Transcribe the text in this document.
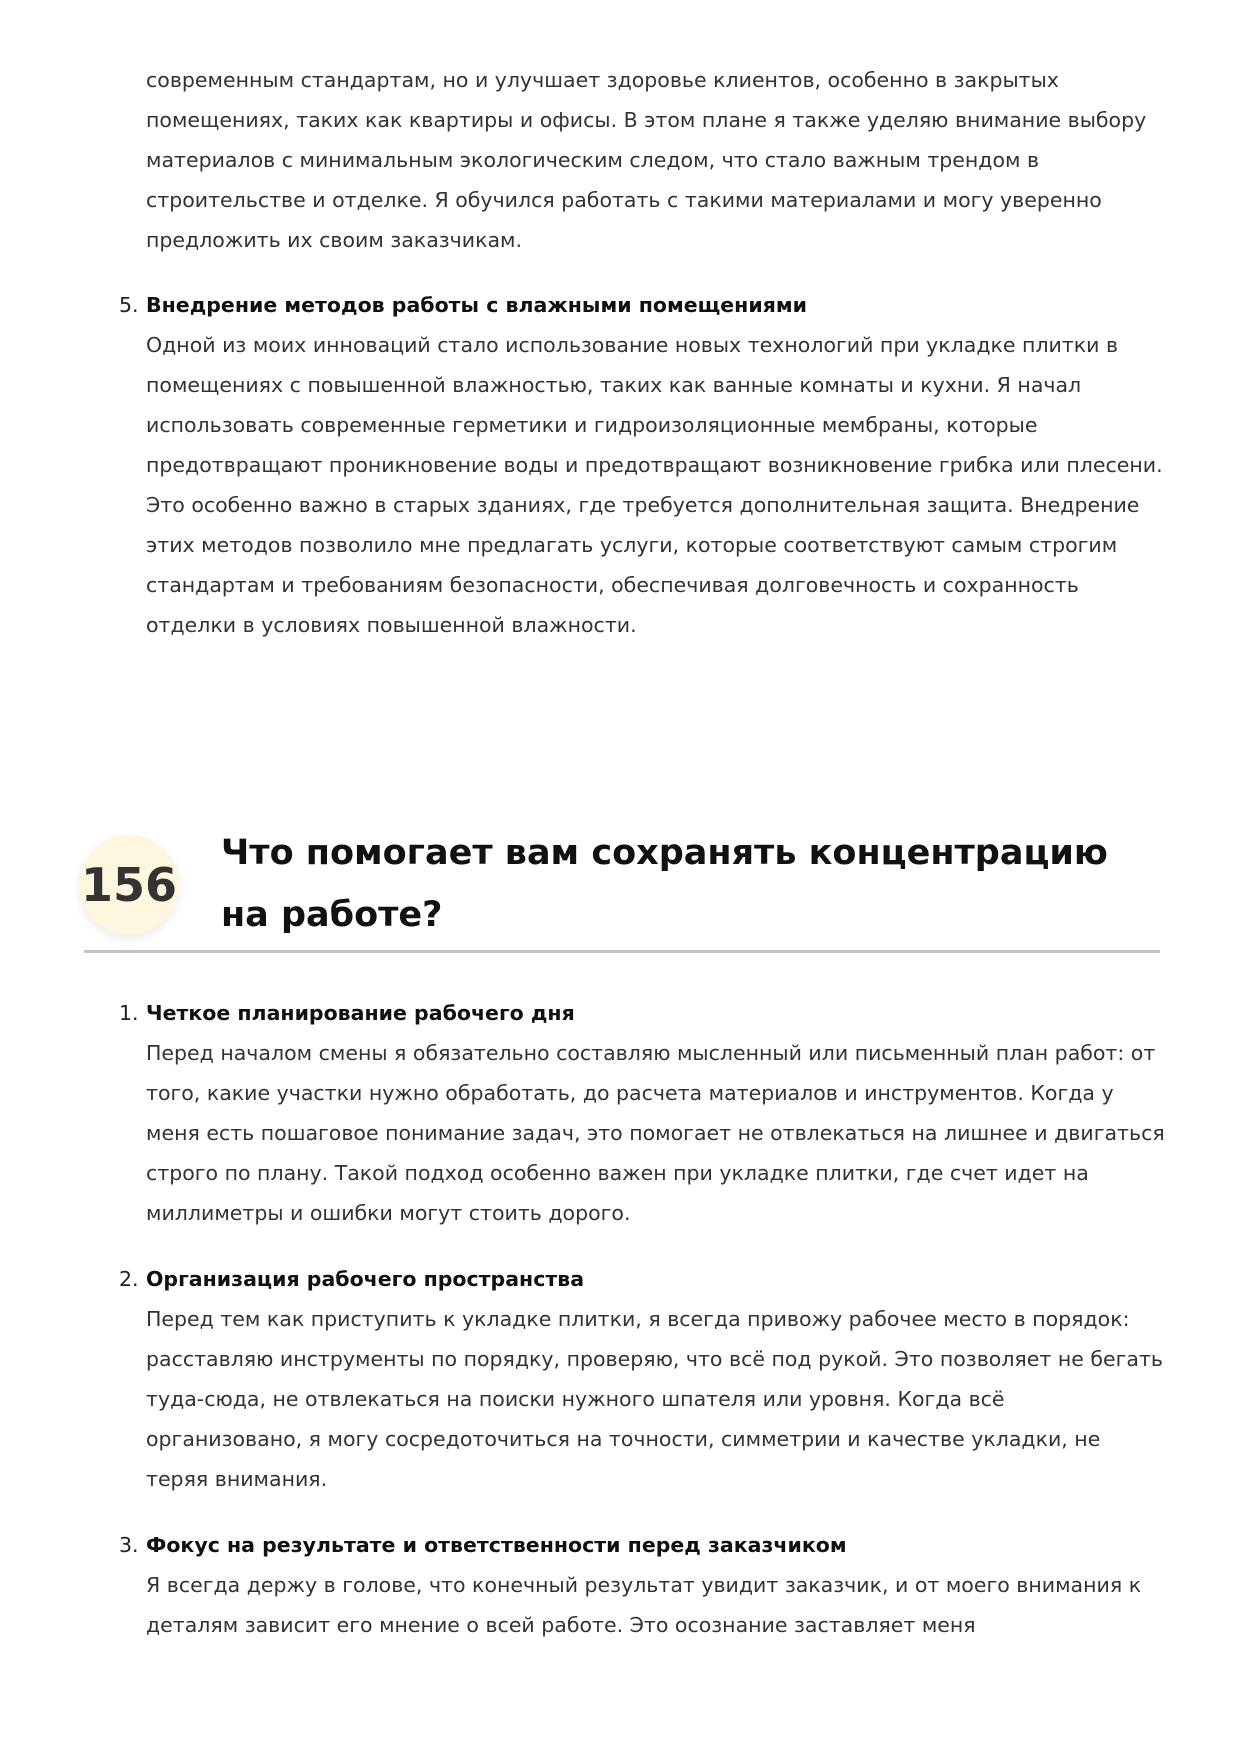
современным стандартам, но и улучшает здоровье клиентов, особенно в закрытых помещениях, таких как квартиры и офисы. В этом плане я также уделяю внимание выбору материалов с минимальным экологическим следом, что стало важным трендом в строительстве и отделке. Я обучился работать с такими материалами и могу уверенно предложить их своим заказчикам.
5. Внедрение методов работы с влажными помещениями
Одной из моих инноваций стало использование новых технологий при укладке плитки в помещениях с повышенной влажностью, таких как ванные комнаты и кухни. Я начал использовать современные герметики и гидроизоляционные мембраны, которые предотвращают проникновение воды и предотвращают возникновение грибка или плесени. Это особенно важно в старых зданиях, где требуется дополнительная защита. Внедрение этих методов позволило мне предлагать услуги, которые соответствуют самым строгим стандартам и требованиям безопасности, обеспечивая долговечность и сохранность отделки в условиях повышенной влажности.
156
Что помогает вам сохранять концентрацию на работе?
1. Четкое планирование рабочего дня
Перед началом смены я обязательно составляю мысленный или письменный план работ: от того, какие участки нужно обработать, до расчета материалов и инструментов. Когда у меня есть пошаговое понимание задач, это помогает не отвлекаться на лишнее и двигаться строго по плану. Такой подход особенно важен при укладке плитки, где счет идет на миллиметры и ошибки могут стоить дорого.
2. Организация рабочего пространства
Перед тем как приступить к укладке плитки, я всегда привожу рабочее место в порядок: расставляю инструменты по порядку, проверяю, что всё под рукой. Это позволяет не бегать туда-сюда, не отвлекаться на поиски нужного шпателя или уровня. Когда всё организовано, я могу сосредоточиться на точности, симметрии и качестве укладки, не теряя внимания.
3. Фокус на результате и ответственности перед заказчиком
Я всегда держу в голове, что конечный результат увидит заказчик, и от моего внимания к деталям зависит его мнение о всей работе. Это осознание заставляет меня
